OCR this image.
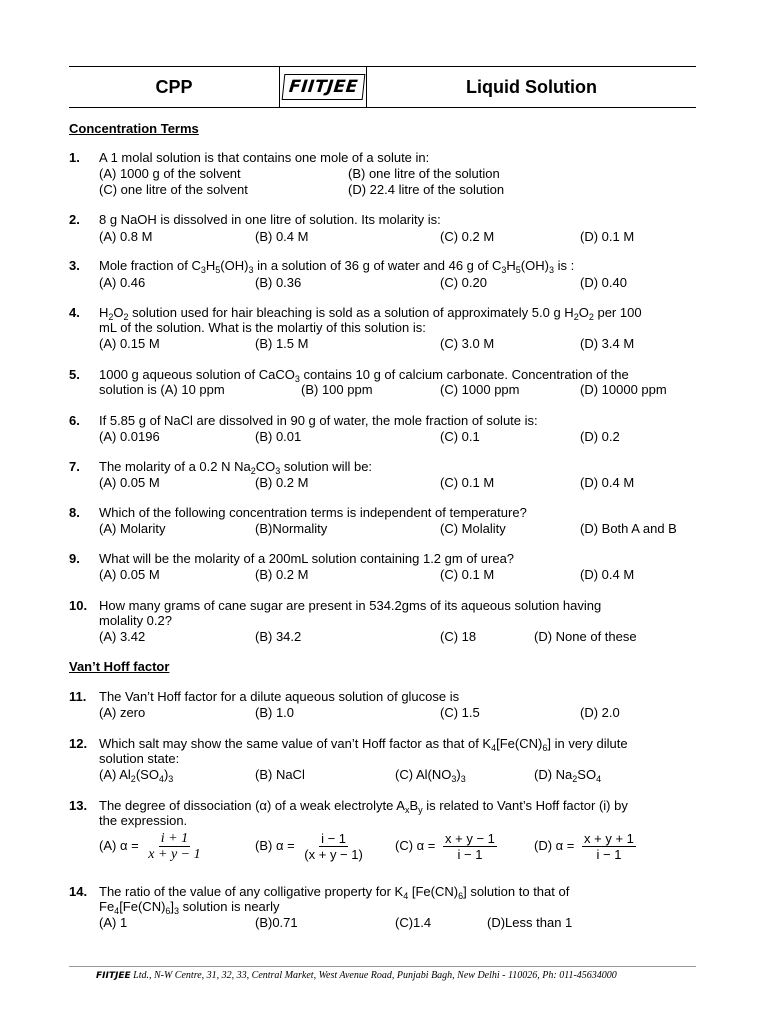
CPP	FIITJEE	Liquid Solution
Concentration Terms
1. A 1 molal solution is that contains one mole of a solute in:
(A) 1000 g of the solvent	(B) one litre of the solution
(C) one litre of the solvent	(D) 22.4 litre of the solution
2. 8 g NaOH is dissolved in one litre of solution. Its molarity is:
(A) 0.8 M	(B) 0.4 M	(C) 0.2 M	(D) 0.1 M
3. Mole fraction of $C_3H_5(OH)_3$ in a solution of 36 g of water and 46 g of $C_3H_5(OH)_3$ is :
(A) 0.46	(B) 0.36	(C) 0.20	(D) 0.40
4. $H_2O_2$ solution used for hair bleaching is sold as a solution of approximately 5.0 g $H_2O_2$ per 100
mL of the solution. What is the molartiy of this solution is:
(A) 0.15 M	(B) 1.5 M	(C) 3.0 M	(D) 3.4 M
5. 1000 g aqueous solution of CaCO$_3$ contains 10 g of calcium carbonate. Concentration of the
solution is (A) 10 ppm	(B) 100 ppm	(C) 1000 ppm	(D) 10000 ppm
6. If 5.85 g of NaCl are dissolved in 90 g of water, the mole fraction of solute is:
(A) 0.0196	(B) 0.01	(C) 0.1	(D) 0.2
7. The molarity of a 0.2 N $Na_2CO_3$ solution will be:
(A) 0.05 M	(B) 0.2 M	(C) 0.1 M	(D) 0.4 M
8. Which of the following concentration terms is independent of temperature?
(A) Molarity	(B)Normality	(C) Molality	(D) Both A and B
9. What will be the molarity of a 200mL solution containing 1.2 gm of urea?
(A) 0.05 M	(B) 0.2 M	(C) 0.1 M	(D) 0.4 M
10. How many grams of cane sugar are present in 534.2gms of its aqueous solution having
molality 0.2?
(A) 3.42	(B) 34.2	(C) 18	(D) None of these
Van’t Hoff factor
11. The Van’t Hoff factor for a dilute aqueous solution of glucose is
(A) zero	(B) 1.0	(C) 1.5	(D) 2.0
12. Which salt may show the same value of van’t Hoff factor as that of $K_4[Fe(CN)_6]$ in very dilute
solution state:
(A) $Al_2(SO_4)_3$	(B) NaCl	(C) $Al(NO_3)_3$	(D) $Na_2SO_4$
13. The degree of dissociation (α) of a weak electrolyte $A_xB_y$ is related to Vant’s Hoff factor (i) by
the expression.
(A) $\alpha = \frac{i + 1}{x + y - 1}$	(B) $\alpha = \frac{i - 1}{(x + y - 1)} (C) \alpha = \frac{x + y - 1}{i - 1}$	(D) $\alpha = \frac{x + y + 1}{i - 1}$
14. The ratio of the value of any colligative property for $K_4$ $[Fe(CN)_6]$ solution to that of
$Fe_4[Fe(CN)_6]_3$ solution is nearly
(A) 1	(B)0.71	(C)1.4	(D)Less than 1
FIITJEE Ltd., N-W Centre, 31, 32, 33, Central Market, West Avenue Road, Punjabi Bagh, New Delhi - 110026, Ph: 011-45634000
